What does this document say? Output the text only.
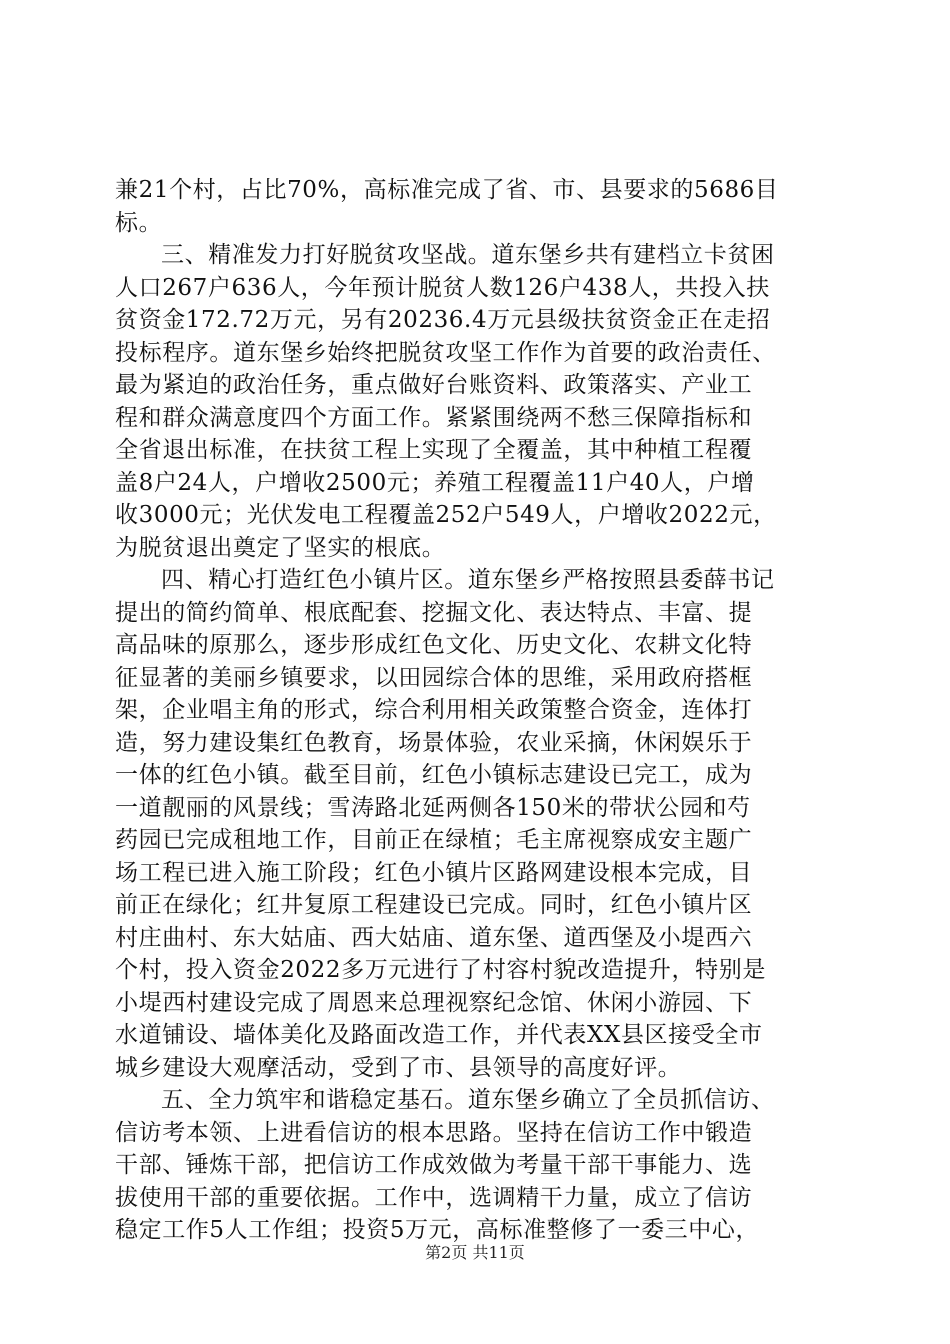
兼21个村，占比70%，高标准完成了省、市、县要求的5686目
标。
三、精准发力打好脱贫攻坚战。道东堡乡共有建档立卡贫困
人口267户636人，今年预计脱贫人数126户438人，共投入扶
贫资金172.72万元，另有20236.4万元县级扶贫资金正在走招
投标程序。道东堡乡始终把脱贫攻坚工作作为首要的政治责任、
最为紧迫的政治任务，重点做好台账资料、政策落实、产业工
程和群众满意度四个方面工作。紧紧围绕两不愁三保障指标和
全省退出标准，在扶贫工程上实现了全覆盖，其中种植工程覆
盖8户24人，户增收2500元；养殖工程覆盖11户40人，户增
收3000元；光伏发电工程覆盖252户549人，户增收2022元，
为脱贫退出奠定了坚实的根底。
四、精心打造红色小镇片区。道东堡乡严格按照县委薛书记
提出的简约简单、根底配套、挖掘文化、表达特点、丰富、提
高品味的原那么，逐步形成红色文化、历史文化、农耕文化特
征显著的美丽乡镇要求，以田园综合体的思维，采用政府搭框
架，企业唱主角的形式，综合利用相关政策整合资金，连体打
造，努力建设集红色教育，场景体验，农业采摘，休闲娱乐于
一体的红色小镇。截至目前，红色小镇标志建设已完工，成为
一道靓丽的风景线；雪涛路北延两侧各150米的带状公园和芍
药园已完成租地工作，目前正在绿植；毛主席视察成安主题广
场工程已进入施工阶段；红色小镇片区路网建设根本完成，目
前正在绿化；红井复原工程建设已完成。同时，红色小镇片区
村庄曲村、东大姑庙、西大姑庙、道东堡、道西堡及小堤西六
个村，投入资金2022多万元进行了村容村貌改造提升，特别是
小堤西村建设完成了周恩来总理视察纪念馆、休闲小游园、下
水道铺设、墙体美化及路面改造工作，并代表XX县区接受全市
城乡建设大观摩活动，受到了市、县领导的高度好评。
五、全力筑牢和谐稳定基石。道东堡乡确立了全员抓信访、
信访考本领、上进看信访的根本思路。坚持在信访工作中锻造
干部、锤炼干部，把信访工作成效做为考量干部干事能力、选
拔使用干部的重要依据。工作中，选调精干力量，成立了信访
稳定工作5人工作组；投资5万元，高标准整修了一委三中心，
第2页 共11页
